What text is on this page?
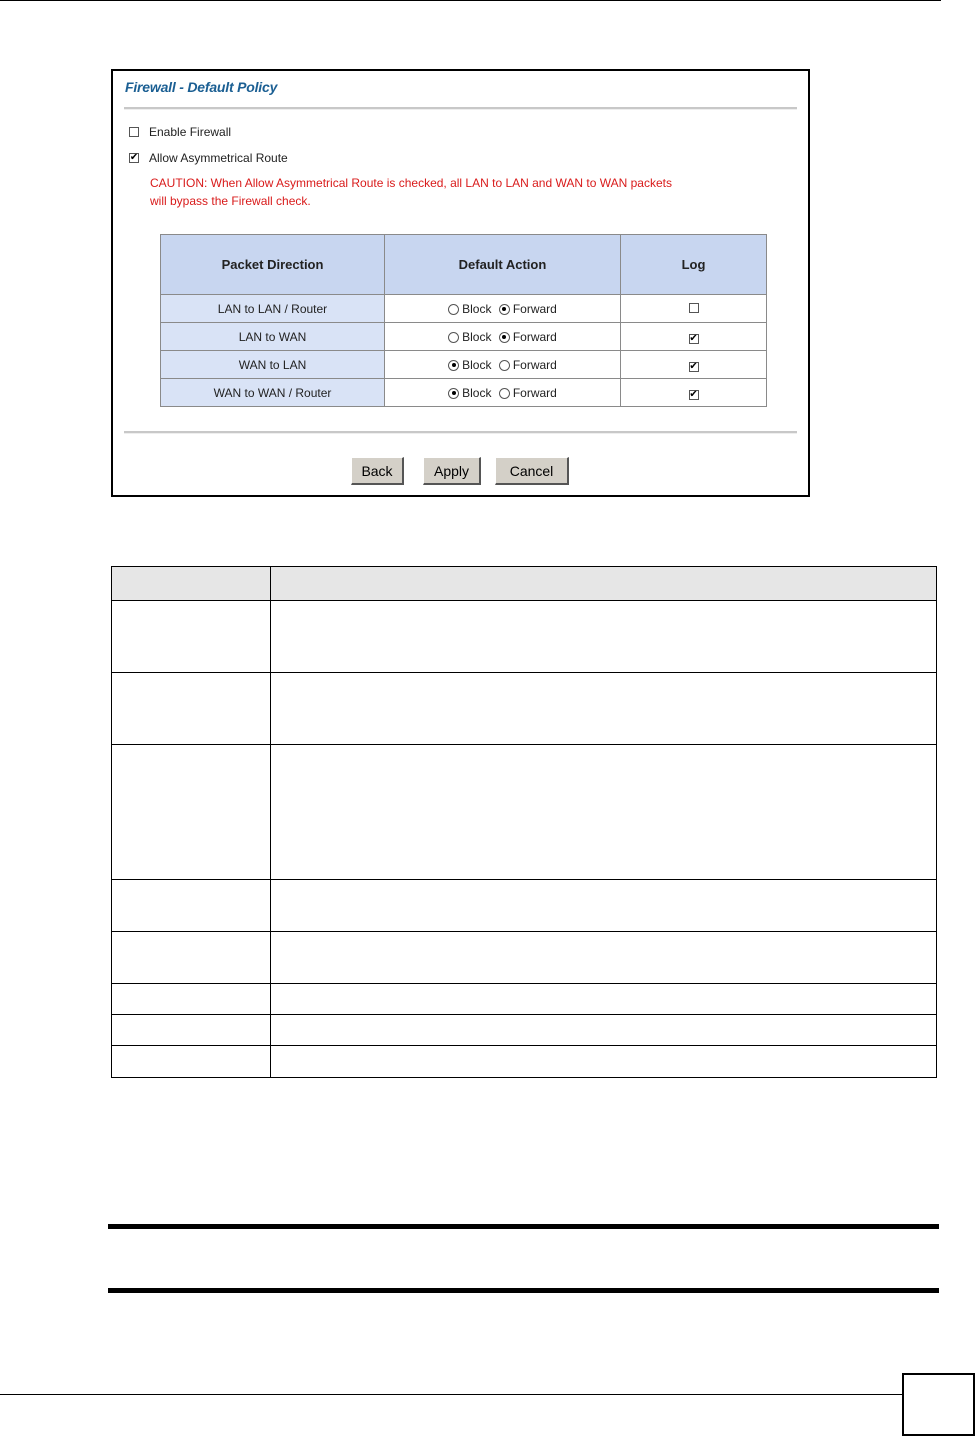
Firewall - Default Policy
Enable Firewall
✔ Allow Asymmetrical Route
CAUTION: When Allow Asymmetrical Route is checked, all LAN to LAN and WAN to WAN packets
will bypass the Firewall check.
Packet Direction	Default Action	Log
LAN to LAN / Router	Block Forward	
LAN to WAN	Block Forward	✔
WAN to LAN	Block Forward	✔
WAN to WAN / Router	Block Forward	✔
Back	Apply	Cancel
